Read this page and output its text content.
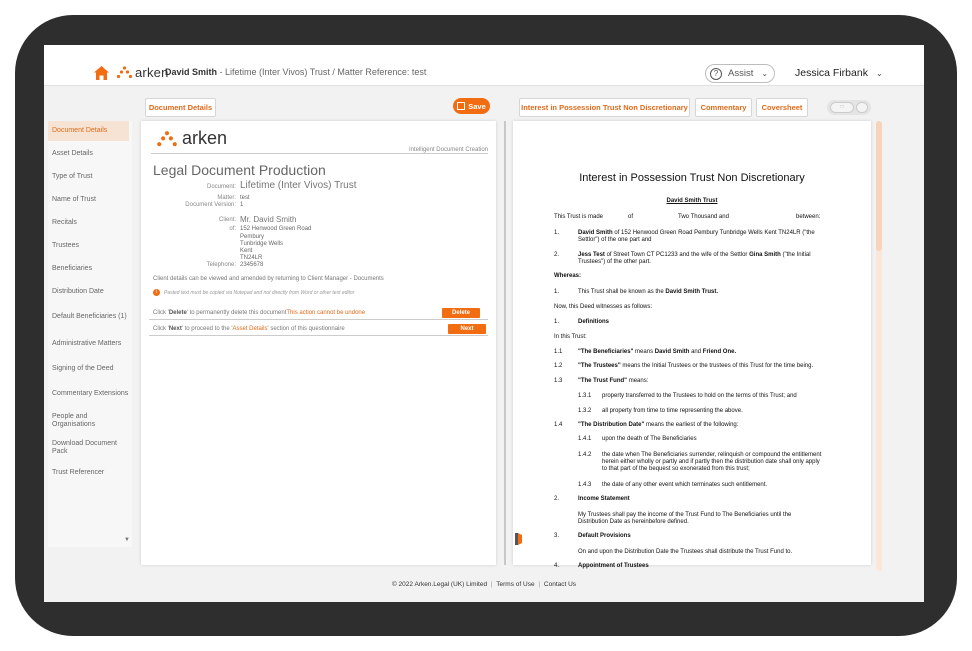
arken
David Smith - Lifetime (Inter Vivos) Trust / Matter Reference: test	?	Assist ⌄	Jessica Firbank ⌄
Document Details	Save	Interest in Possession Trust Non Discretionary	Commentary	Coversheet	□
Document Details
Asset Details
Type of Trust
Name of Trust
Recitals
Trustees
Beneficiaries
Distribution Date
Default Beneficiaries (1)
Administrative Matters
Signing of the Deed
Commentary Extensions
People and Organisations
Download Document Pack
Trust Referencer
▼
arken
Intelligent Document Creation
Legal Document Production
Document: Lifetime (Inter Vivos) Trust
Matter: test
Document Version: 1
Client: Mr. David Smith
of: 152 Henwood Green Road
Pembury
Tunbridge Wells
Kent
TN24LR
Telephone: 2345678
Client details can be viewed and amended by returning to Client Manager - Documents
i	Pasted text must be copied via Notepad and not directly from Word or other text editor
Click ' Delete ' to permanently delete this document This action cannot be undone	Delete
Click ' Next ' to proceed to the ' Asset Details ' section of this questionnaire	Next
Interest in Possession Trust Non Discretionary
David Smith Trust
This Trust is made	of	Two Thousand and	between:
1.	David Smith of 152 Henwood Green Road Pembury Tunbridge Wells Kent TN24LR ("the
Settlor") of the one part and
2.	Jess Test of Street Town CT PC1233 and the wife of the Settlor Gina Smith ("the Initial
Trustees") of the other part.
Whereas:
1.	This Trust shall be known as the David Smith Trust.
Now, this Deed witnesses as follows:
1.	Definitions
In this Trust:
1.1	"The Beneficiaries" means David Smith and Friend One.
1.2	"The Trustees" means the Initial Trustees or the trustees of this Trust for the time being.
1.3	"The Trust Fund" means:
1.3.1 property transferred to the Trustees to hold on the terms of this Trust; and
1.3.2 all property from time to time representing the above.
1.4	"The Distribution Date" means the earliest of the following:
1.4.1 upon the death of The Beneficiaries
1.4.2 the date when The Beneficiaries surrender, relinquish or compound the entitlement
herein either wholly or partly and if partly then the distribution date shall only apply
to that part of the bequest so exonerated from this trust;
1.4.3 the date of any other event which terminates such entitlement.
2.	Income Statement
My Trustees shall pay the income of the Trust Fund to The Beneficiaries until the
Distribution Date as hereinbefore defined.
3.	Default Provisions
On and upon the Distribution Date the Trustees shall distribute the Trust Fund to.
4.	Appointment of Trustees
© 2022 Arken.Legal (UK) Limited | Terms of Use | Contact Us
